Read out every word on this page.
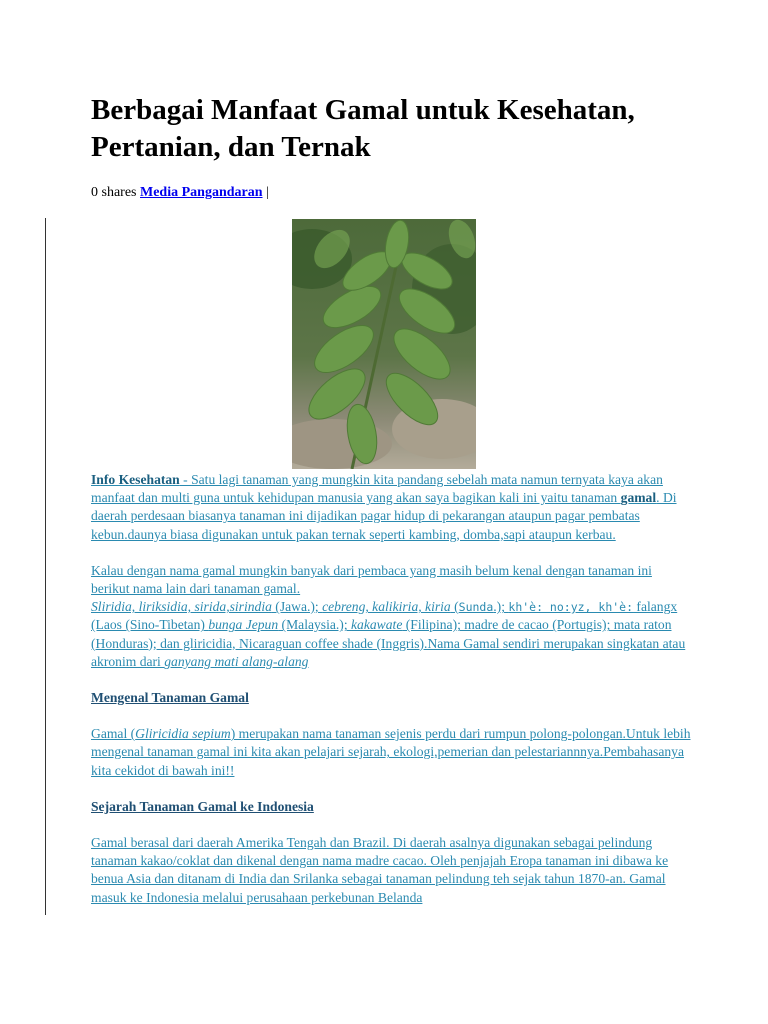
Berbagai Manfaat Gamal untuk Kesehatan, Pertanian, dan Ternak
0 shares Media Pangandaran |

Info Kesehatan - Satu lagi tanaman yang mungkin kita pandang sebelah mata namun ternyata kaya akan manfaat dan multi guna untuk kehidupan manusia yang akan saya bagikan kali ini yaitu tanaman gamal. Di daerah perdesaan biasanya tanaman ini dijadikan pagar hidup di pekarangan ataupun pagar pembatas kebun.daunya biasa digunakan untuk pakan ternak seperti kambing, domba,sapi ataupun kerbau.

Kalau dengan nama gamal mungkin banyak dari pembaca yang masih belum kenal dengan tanaman ini berikut nama lain dari tanaman gamal.
Sliridia, liriksidia, sirida,sirindia (Jawa.); cebreng, kalikiria, kiria (Sunda.); kh'è: no:yz, kh'è: falangx (Laos (Sino-Tibetan) bunga Jepun (Malaysia.); kakawate (Filipina); madre de cacao (Portugis); mata raton (Honduras); dan gliricidia, Nicaraguan coffee shade (Inggris).Nama Gamal sendiri merupakan singkatan atau akronim dari ganyang mati alang-alang

Mengenal Tanaman Gamal

Gamal (Gliricidia sepium) merupakan nama tanaman sejenis perdu dari rumpun polong-polongan.Untuk lebih mengenal tanaman gamal ini kita akan pelajari sejarah, ekologi,pemerian dan pelestariannnya.Pembahasanya kita cekidot di bawah ini!!

Sejarah Tanaman Gamal ke Indonesia

Gamal berasal dari daerah Amerika Tengah dan Brazil. Di daerah asalnya digunakan sebagai pelindung tanaman kakao/coklat dan dikenal dengan nama madre cacao. Oleh penjajah Eropa tanaman ini dibawa ke benua Asia dan ditanam di India dan Srilanka sebagai tanaman pelindung teh sejak tahun 1870-an. Gamal masuk ke Indonesia melalui perusahaan perkebunan Belanda
